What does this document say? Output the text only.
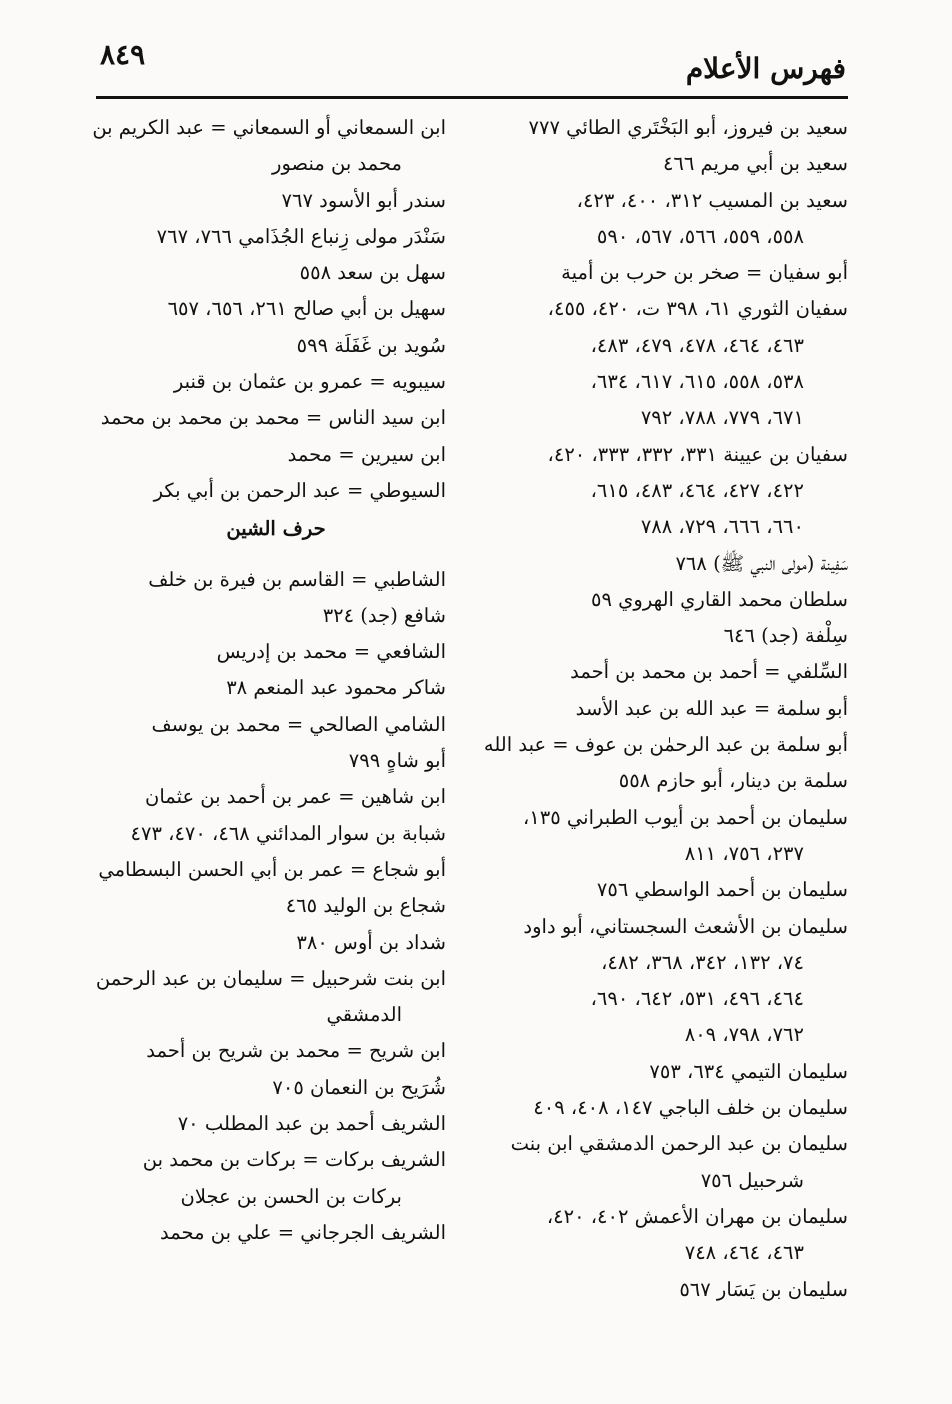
٨٤٩	فهرس الأعلام
سعيد بن فيروز، أبو البَخْتَري الطائي ٧٧٧
سعيد بن أبي مريم ٤٦٦
سعيد بن المسيب ٣١٢، ٤٠٠، ٤٢٣،
٥٥٨، ٥٥٩، ٥٦٦، ٥٦٧، ٥٩٠
أبو سفيان = صخر بن حرب بن أمية
سفيان الثوري ٦١، ٣٩٨ ت، ٤٢٠، ٤٥٥،
٤٦٣، ٤٦٤، ٤٧٨، ٤٧٩، ٤٨٣،
٥٣٨، ٥٥٨، ٦١٥، ٦١٧، ٦٣٤،
٦٧١، ٧٧٩، ٧٨٨، ٧٩٢
سفيان بن عيينة ٣٣١، ٣٣٢، ٣٣٣، ٤٢٠،
٤٢٢، ٤٢٧، ٤٦٤، ٤٨٣، ٦١٥،
٦٦٠، ٦٦٦، ٧٢٩، ٧٨٨
سَفِينة (مولى النبي ﷺ) ٧٦٨
سلطان محمد القاري الهروي ٥٩
سِلْفة (جد) ٦٤٦
السِّلفي = أحمد بن محمد بن أحمد
أبو سلمة = عبد الله بن عبد الأسد
أبو سلمة بن عبد الرحمٰن بن عوف = عبد الله
سلمة بن دينار، أبو حازم ٥٥٨
سليمان بن أحمد بن أيوب الطبراني ١٣٥،
٢٣٧، ٧٥٦، ٨١١
سليمان بن أحمد الواسطي ٧٥٦
سليمان بن الأشعث السجستاني، أبو داود
٧٤، ١٣٢، ٣٤٢، ٣٦٨، ٤٨٢،
٤٦٤، ٤٩٦، ٥٣١، ٦٤٢، ٦٩٠،
٧٦٢، ٧٩٨، ٨٠٩
سليمان التيمي ٦٣٤، ٧٥٣
سليمان بن خلف الباجي ١٤٧، ٤٠٨، ٤٠٩
سليمان بن عبد الرحمن الدمشقي ابن بنت
شرحبيل ٧٥٦
سليمان بن مهران الأعمش ٤٠٢، ٤٢٠،
٤٦٣، ٤٦٤، ٧٤٨
سليمان بن يَسَار ٥٦٧
ابن السمعاني أو السمعاني = عبد الكريم بن
محمد بن منصور
سندر أبو الأسود ٧٦٧
سَنْدَر مولى زِنباع الجُذَامي ٧٦٦، ٧٦٧
سهل بن سعد ٥٥٨
سهيل بن أبي صالح ٢٦١، ٦٥٦، ٦٥٧
سُويد بن غَفَلَة ٥٩٩
سيبويه = عمرو بن عثمان بن قنبر
ابن سيد الناس = محمد بن محمد بن محمد
ابن سيرين = محمد
السيوطي = عبد الرحمن بن أبي بكر
حرف الشين
الشاطبي = القاسم بن فيرة بن خلف
شافع (جد) ٣٢٤
الشافعي = محمد بن إدريس
شاكر محمود عبد المنعم ٣٨
الشامي الصالحي = محمد بن يوسف
أبو شاهٍ ٧٩٩
ابن شاهين = عمر بن أحمد بن عثمان
شبابة بن سوار المدائني ٤٦٨، ٤٧٠، ٤٧٣
أبو شجاع = عمر بن أبي الحسن البسطامي
شجاع بن الوليد ٤٦٥
شداد بن أوس ٣٨٠
ابن بنت شرحبيل = سليمان بن عبد الرحمن
الدمشقي
ابن شريح = محمد بن شريح بن أحمد
شُرَيح بن النعمان ٧٠٥
الشريف أحمد بن عبد المطلب ٧٠
الشريف بركات = بركات بن محمد بن
بركات بن الحسن بن عجلان
الشريف الجرجاني = علي بن محمد
